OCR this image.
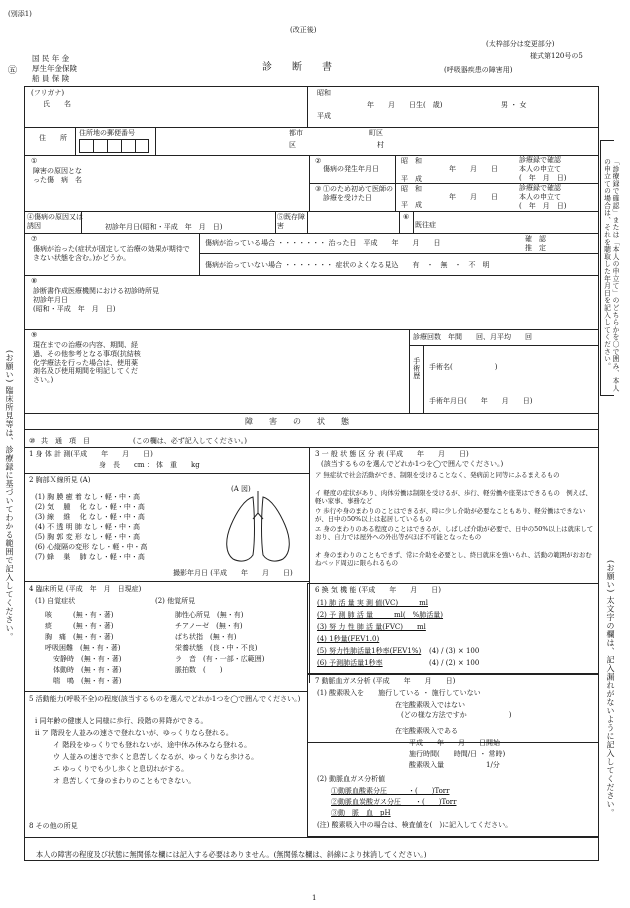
(別添1)
(改正後)
(太枠部分は変更部分)
様式第120号の5
㊄
国 民 年 金
厚生年金保険
船 員 保 険
診　　断　　書	(呼吸器疾患の障害用)
「診療録で確認」または「本人の申立て」のどちらかを〇で囲み、本人の申立ての場合は、それを聴取した年月日を記入してください。
(お願い) 臨床所見等は、診療録に基づいてわかる範囲で記入してください。
(お願い) 太文字の欄は、記入漏れがないように記入してください。
(フリガナ)
氏　　名
昭和
平成
年　　月　　日生(　歳)	男 ・ 女
住　　所
住所地の郵便番号	都市
区
町区
村
①
障害の原因となった傷　病　名
②
傷病の発生年月日
昭　和
平　成
年　　月　　日
診療録で確認
本人の申立て
(　年　月　日)
③ ①のため初めて医師の診療を受けた日
昭　和
平　成
年　　月　　日
診療録で確認
本人の申立て
(　年　月　日)
④傷病の原因又は誘因	初診年月日(昭和・平成　年　月　日)
⑤既存障害
⑥
既往症
⑦
傷病が治った(症状が固定して治療の効果が期待できない状態を含む。)かどうか。
傷病が治っている場合 ・・・・・・・ 治った日　平成　　年　　月　　日	確　認
推　定
傷病が治っていない場合 ・・・・・・・ 症状のよくなる見込　　有　・　無　・　不　明
⑧
診断書作成医療機関における初診時所見
初診年月日
(昭和・平成　年　月　日)
⑨
現在までの治療の内容、期間、経過、その他参考となる事項(抗結核化学療法を行った場合は、使用薬剤名及び使用期間を明記してください。)
診療回数　年間　　回、月平均　　回
手術歴 手術名(　　　　　　)
手術年月日(　　年　　月　　日)
障　　害　　の　　状　　態
⑩ 共　通　項　目	(この欄は、必ず記入してください。)
1 身 体 計 測(平成　　年　　月　　日)
身　長　　cm ： 体　重　　kg
2 胸部Ｘ線所見 (A)
(A 図)
(1) 胸 膜 癒 着 なし・軽・中・高
(2) 気　 腫　 化 なし・軽・中・高
(3) 線　 維　 化 なし・軽・中・高
(4) 不 透 明 肺 なし・軽・中・高
(5) 胸 郭 変 形 なし・軽・中・高
(6) 心縦隔の変形 なし・軽・中・高
(7) 蜂　 巣　 肺 なし・軽・中・高
撮影年月日 (平成　　年　　月　　日)
3 一 般 状 態 区 分 表 (平成　　年　　月　　日)
(該当するものを選んでどれか1つを◯で囲んでください。)
ア 無症状で社会活動ができ、制限を受けることなく、発病前と同等にふるまえるもの
イ 軽度の症状があり、肉体労働は制限を受けるが、歩行、軽労働や座業はできるもの　例えば、軽い家事、事務など
ウ 歩行や身のまわりのことはできるが、時に少し介助が必要なこともあり、軽労働はできないが、日中の50%以上は起居しているもの
エ 身のまわりのある程度のことはできるが、しばしば介助が必要で、日中の50%以上は就床しており、自力では屋外への外出等がほぼ不可能となったもの
オ 身のまわりのこともできず、常に介助を必要とし、終日就床を強いられ、活動の範囲がおおむねベッド周辺に限られるもの
6 換 気 機 能 (平成　　年　　月　　日)
(1) 肺 活 量 実 測 値(VC)　　　ml
(2) 予 測 肺 活 量　　　ml(　%肺活量)
(3) 努 力 性 肺 活 量(FVC)　　ml
(4) 1秒量(FEV1.0)
(5) 努力性肺活量1秒率(FEV1%) (4) / (3) × 100
(6) 予測肺活量1秒率	(4) / (2) × 100
7 動脈血ガス分析 (平成　　年　　月　　日)
(1) 酸素吸入を　　施行している ・ 施行していない
在宅酸素吸入ではない
(どの様な方法ですか　　　　　　)
在宅酸素吸入である
平成　　年　　月　　日開始
施行時間(　　時間/日 ・ 常時)
酸素吸入量　　　　　　1/分
(2) 動脈血ガス分析値
①動脈血酸素分圧　　　・(　　)Torr
②動脈血炭酸ガス分圧　　・(　　)Torr
③動　脈　血　pH
(注) 酸素吸入中の場合は、検査値を(　)に記入してください。
4 臨床所見 (平成　年　月　日現症)
(1) 自覚症状	(2) 他覚所見
咳　　　(無・有・著)
痰　　　(無・有・著)
胸　痛　(無・有・著)
呼吸困難　(無・有・著)
安静時　(無・有・著)
体動時　(無・有・著)
喘　鳴　(無・有・著)
肺性心所見　(無・有)
チアノーゼ　(無・有)
ばち状指　(無・有)
栄養状態　(良・中・不良)
ラ　音　(有・一部・広範囲)
脈拍数　(　　)
5 活動能力(呼吸不全)の程度(該当するものを選んでどれか1つを◯で囲んでください。)
i 同年齢の健康人と同様に歩行、段階の昇降ができる。
ii ア 階段を人並みの速さで登れないが、ゆっくりなら登れる。
イ 階段をゆっくりでも登れないが、途中休み休みなら登れる。
ウ 人並みの速さで歩くと息苦しくなるが、ゆっくりなら歩ける。
エ ゆっくりでも少し歩くと息切れがする。
オ 息苦しくて身のまわりのこともできない。
8 その他の所見
本人の障害の程度及び状態に無関係な欄には記入する必要はありません。(無関係な欄は、斜線により抹消してください。)
1
